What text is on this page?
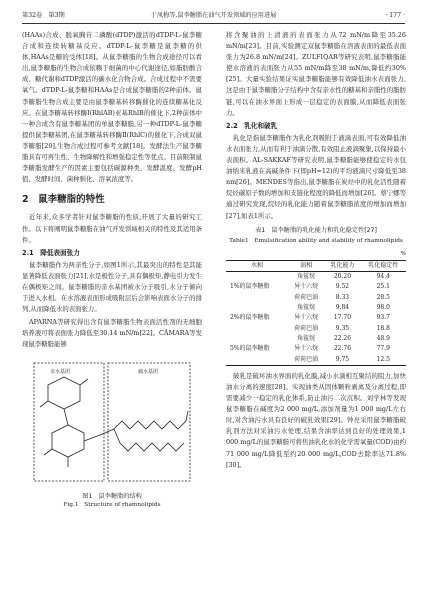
第32卷　第3期	于凤梅等.鼠李糖脂在油气开发领域的应用进展	· 177 ·

(HAAs)合成、脱氧胸苷二磷酸(dTDP)激活的dTDP-L-鼠李糖合成和连续转糖基反应。dTDP-L-鼠李糖是鼠李糖的供体,HAAs是糖的受体[18]。从鼠李糖脂的生物合成途径可以看出,鼠李糖脂的生物合成依赖于细菌的中心代谢途径,如脂肪酸合成、糖代谢和dTDP激活的碳水化合物合成。合成过程中不需要氧气。dTDP-L-鼠李糖和HAAs是合成鼠李糖脂的2种前体。鼠李糖脂生物合成主要是由鼠李糖基转移酶催化的连续糖基化反应。在鼠李糖基转移酶I(RhlAB)亚基RhlB的催化下,2种前体中一种合成含有鼠李糖基团的单鼠李糖脂,另一种dTDP-L-鼠李糖提供鼠李糖基团,在鼠李糖基转移酶Ⅱ(RhlC)的催化下,合成双鼠李糖脂[20],生物合成过程可参考文献[18]。发酵法生产鼠李糖脂具有可再生性、生物降解性和增强稳定性等优点。目前限制鼠李糖脂发酵生产的因素主要包括碳源种类、发酵温度、发酵pH值、发酵时间、菌种驯化、溶氧浓度等。

2　鼠李糖脂的特性

近年来,众多学者针对鼠李糖脂的性质,开展了大量的研究工作。以下将阐明鼠李糖脂在油气开发领域相关的特性及其适用条件。

2.1　降低表面张力

鼠李糖脂作为两亲性分子,如图1所示,其最突出的特性是其能显著降低表面张力[21],水是极性分子,具有偶极矩,静电引力发生在偶极矩之间。鼠李糖脂的亲水基团被水分子吸引,水分子倾向于进入水相。在水溶液表面形成吸附层后会影响表面水分子的排列,从而降低水的表面张力。

APARNA等研究得出含有鼠李糖脂生物表面活性剂的无细胞培养液可将表面张力降低至30.14 mN/m[22]。CÂMARA等发现鼠李糖脂能够

亲水基团	疏水基团
图1　鼠李糖脂的结构
Fig.1　Structure of rhamnolipids

将含聚油的上清液的表面张力从72 mN/m降至35.26 mN/m[23]。目前,实验测定双鼠李糖脂在溶液表面的最低表面张力为26.8 mN/m[24]。ZULFIQAR等研究表明,鼠李糖脂能使水溶液的表面张力从55 mN/m降至38 mN/m,降低约30%[25]。大量实验结果证实鼠李糖脂能够有效降低油水表面张力,这是由于鼠李糖脂分子结构中含有亲水性的糖基和亲脂性的脂肪链,可以在油水界面上形成一层稳定的表面膜,从而降低表面张力。

2.2　乳化和破乳

乳化是指鼠李糖脂作为乳化剂吸附于液滴表面,可有效降低油水表面张力,从而有利于油滴分散,有效阻止液滴聚集,以保持最小表面积。AL-SAKKAF等研究表明,鼠李糖脂能够使稳定的水包油纳米乳液在高碱条件下(即pH=12)的平均液滴尺寸降低至38 nm[26]。MENDES等指出,鼠李糖脂在炭烃中的乳化活性随着烷烃碳原子数的增加和支链化程度的降低而增加[26]。蔡宁娜等通过研究发现,烷烃的乳化能力随着鼠李糖脂浓度的增加而增加[27],如表1所示。

表1　鼠李糖脂的乳化能力和乳化稳定性[27]
Table1　Emulsification ability and stability of rhamnolipids
%
水相	油相	乳化能力	乳化稳定性
1%的鼠李糖脂	角鲨烷	20.20	94.4
	异十六烷	9.52	25.1
	荷荷巴油	8.33	28.5
2%的鼠李糖脂	角鲨烷	9.84	98.0
	异十六烷	17.70	93.7
	荷荷巴油	9.35	18.8
5%的鼠李糖脂	角鲨烷	22.26	48.9
	异十六烷	22.76	77.9
	荷荷巴油	9.75	12.5

破乳是破坏油水界面的乳化膜,减小水滴相互聚结的阻力,加快油水分离的速度[28]。实现油类从固体颗粒剥离及分离过程,即需要减少一稳定的乳化体系,防止油污二次沉积。刘学林等发现鼠李糖脂在碱度为2 000 mg/L,添加剂量为1 000 mg/L左右时,对含油污水具有良好的破乳效果[29]。钟亮采用鼠李糖脂破乳剂方法对采油污水处理,结果含油率达到良好的处理效果,1 000 mg/L的鼠李糖脂可将焦油乳化水的化学需氧量(COD)由约71 000 mg/L降低至约20 000 mg/L,COD去除率达71.8%[30]。
